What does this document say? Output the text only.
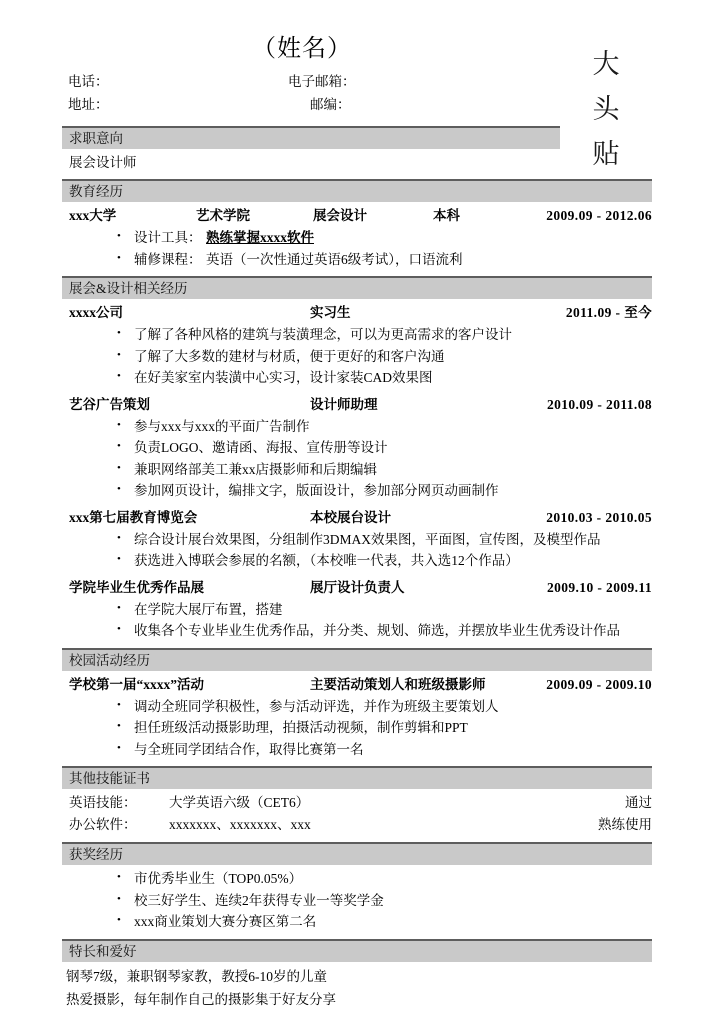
（姓名）
电话：	电子邮箱：
地址：	邮编：
大
头
贴
求职意向
展会设计师
教育经历
xxx大学	艺术学院	展会设计	本科	2009.09 - 2012.06
• 设计工具： 熟练掌握xxxx软件
• 辅修课程： 英语（一次性通过英语6级考试），口语流利
展会&设计相关经历
xxxx公司	实习生	2011.09 - 至今
• 了解了各种风格的建筑与装潢理念，可以为更高需求的客户设计
• 了解了大多数的建材与材质，便于更好的和客户沟通
• 在好美家室内装潢中心实习，设计家装CAD效果图
艺谷广告策划	设计师助理	2010.09 - 2011.08
• 参与xxx与xxx的平面广告制作
• 负责LOGO、邀请函、海报、宣传册等设计
• 兼职网络部美工兼xx店摄影师和后期编辑
• 参加网页设计，编排文字，版面设计，参加部分网页动画制作
xxx第七届教育博览会	本校展台设计	2010.03 - 2010.05
• 综合设计展台效果图，分组制作3DMAX效果图，平面图，宣传图，及模型作品
• 获选进入博联会参展的名额，（本校唯一代表，共入选12个作品）
学院毕业生优秀作品展	展厅设计负责人	2009.10 - 2009.11
• 在学院大展厅布置，搭建
• 收集各个专业毕业生优秀作品，并分类、规划、筛选，并摆放毕业生优秀设计作品
校园活动经历
学校第一届“xxxx”活动	主要活动策划人和班级摄影师	2009.09 - 2009.10
• 调动全班同学积极性，参与活动评选，并作为班级主要策划人
• 担任班级活动摄影助理，拍摄活动视频，制作剪辑和PPT
• 与全班同学团结合作，取得比赛第一名
其他技能证书
英语技能： 大学英语六级（CET6）	通过
办公软件： xxxxxxx、xxxxxxx、xxx	熟练使用
获奖经历
• 市优秀毕业生（TOP0.05%）
• 校三好学生、连续2年获得专业一等奖学金
• xxx商业策划大赛分赛区第二名
特长和爱好
钢琴7级，兼职钢琴家教，教授6-10岁的儿童
热爱摄影，每年制作自己的摄影集于好友分享
